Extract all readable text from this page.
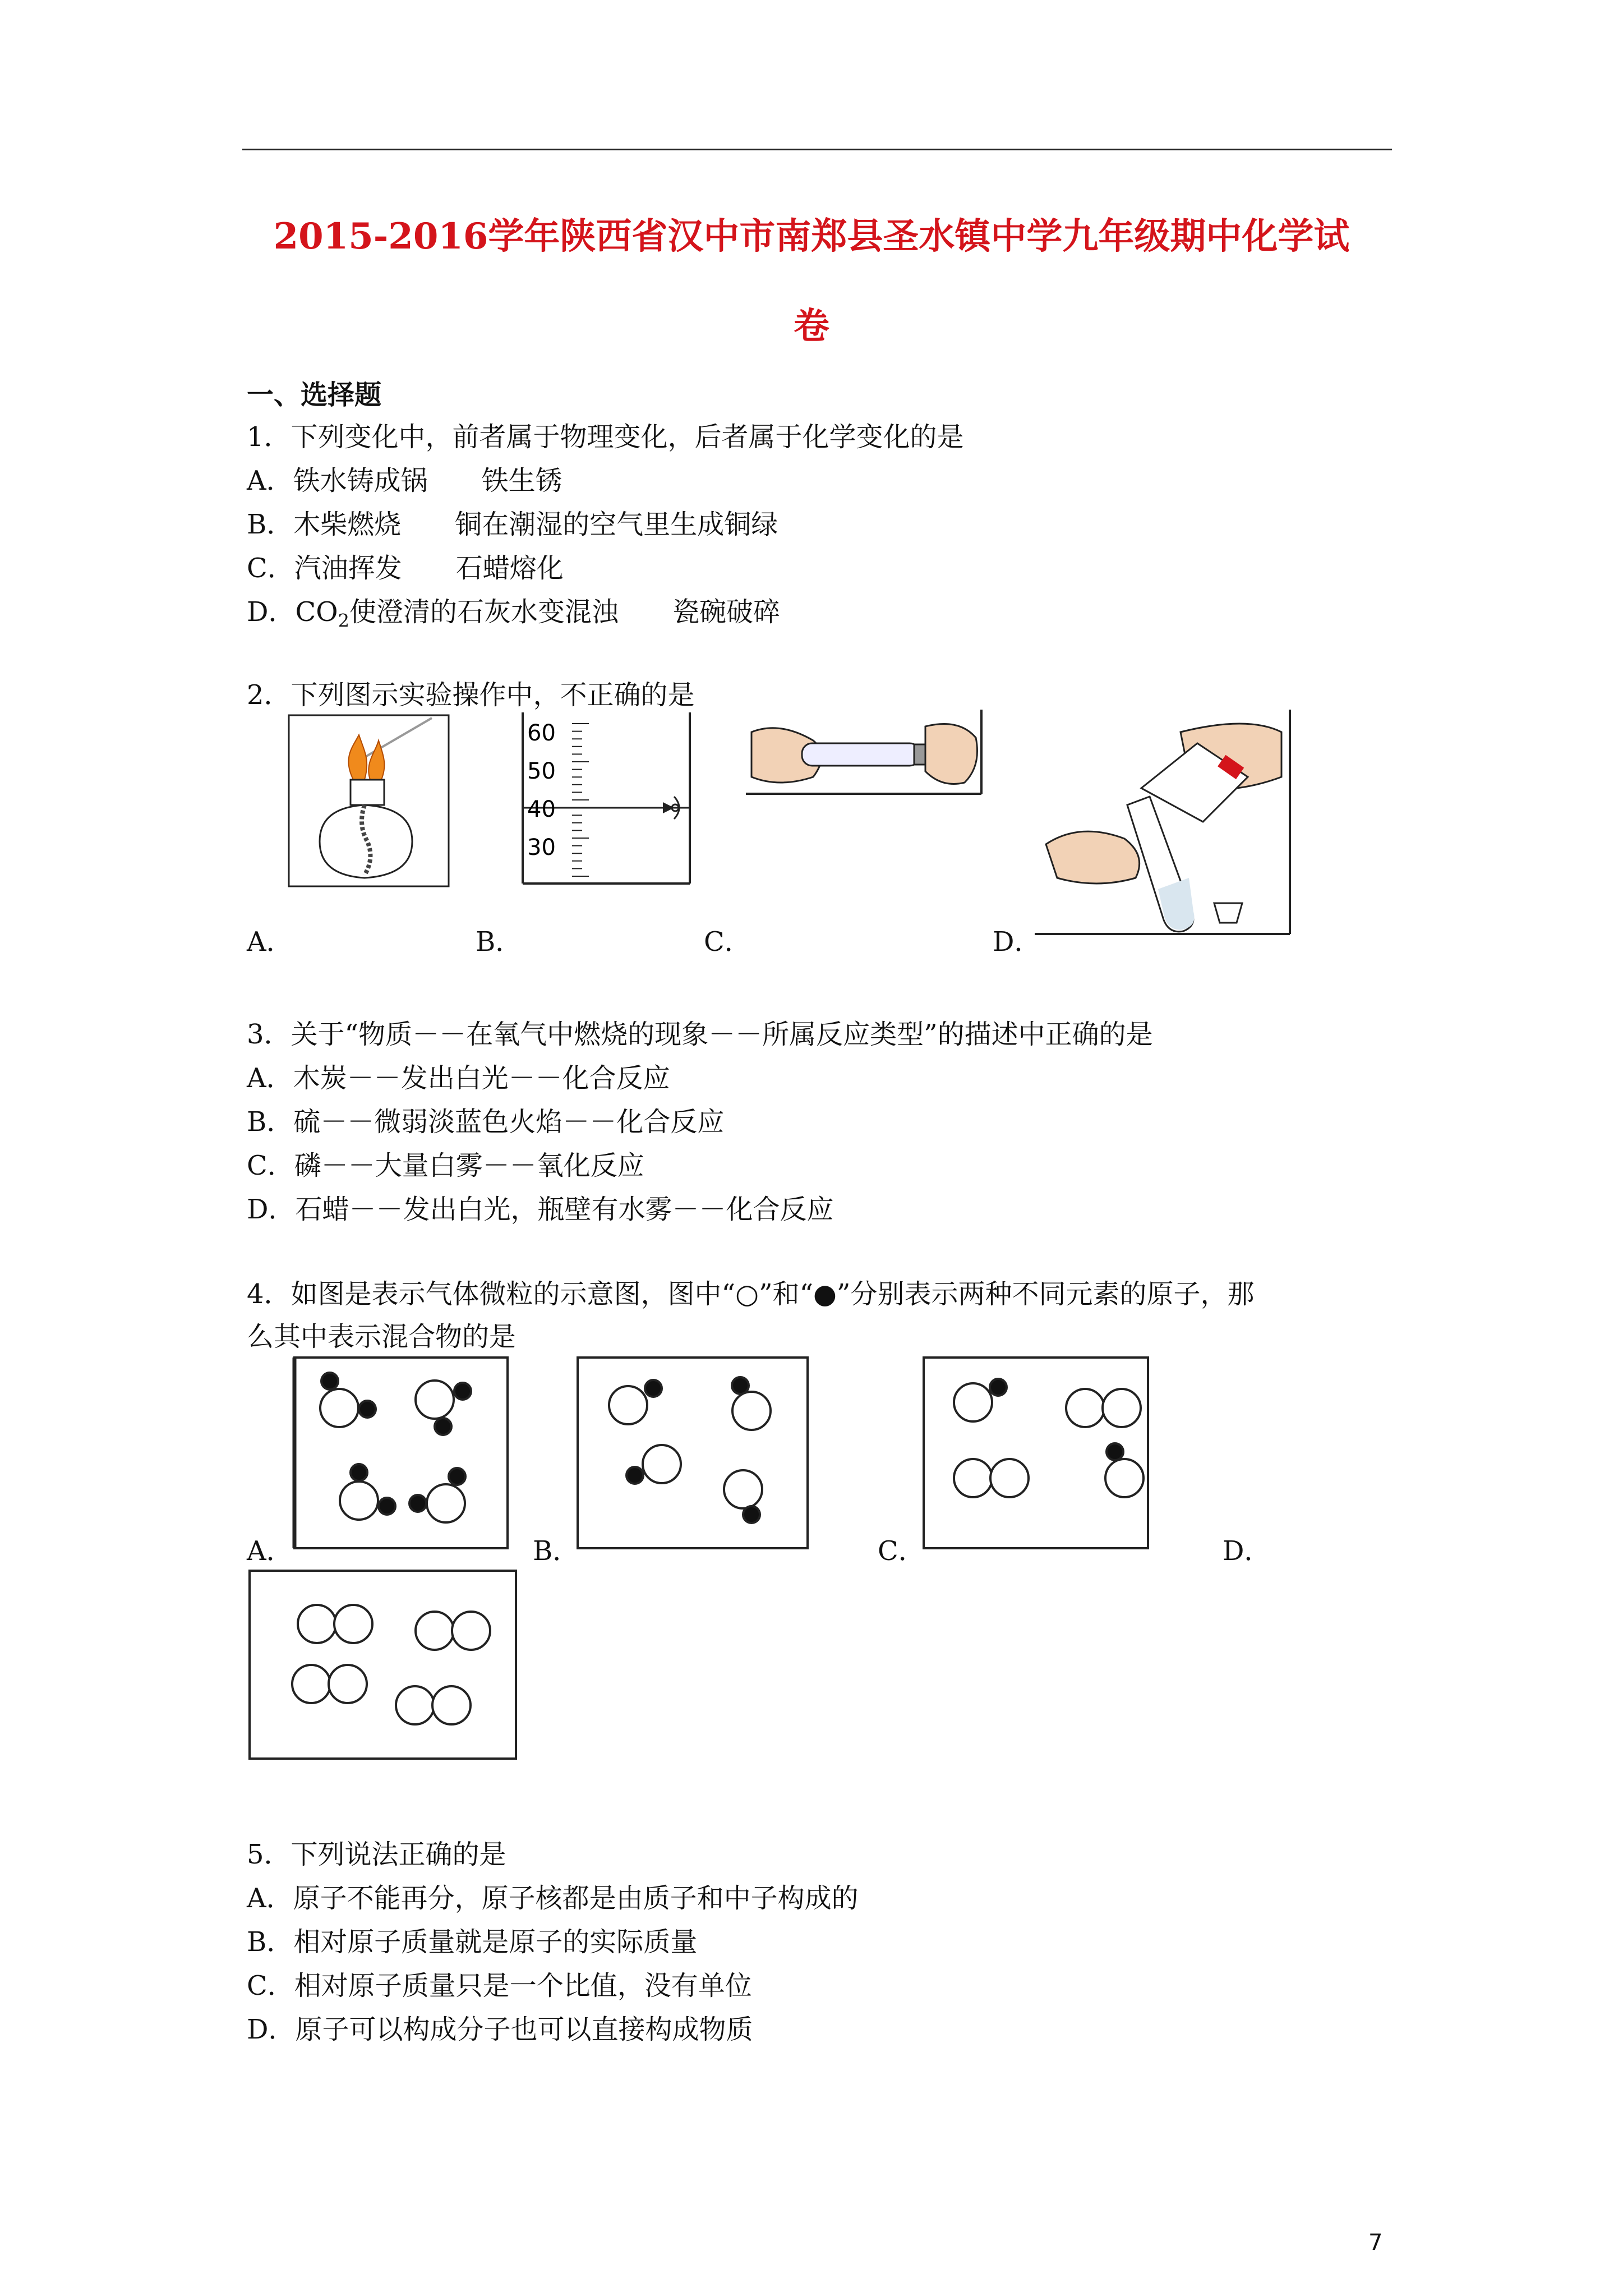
2015-2016学年陕西省汉中市南郑县圣水镇中学九年级期中化学试
卷
一、选择题
1．下列变化中，前者属于物理变化，后者属于化学变化的是
A．铁水铸成锅　　铁生锈
B．木柴燃烧　　铜在潮湿的空气里生成铜绿
C．汽油挥发　　石蜡熔化
D．$CO_2$使澄清的石灰水变混浊　　瓷碗破碎
2．下列图示实验操作中，不正确的是
60
50
40
30
A．	B．	C．	D．
3．关于“物质－－在氧气中燃烧的现象－－所属反应类型”的描述中正确的是
A．木炭－－发出白光－－化合反应
B．硫－－微弱淡蓝色火焰－－化合反应
C．磷－－大量白雾－－氧化反应
D．石蜡－－发出白光，瓶壁有水雾－－化合反应
4．如图是表示气体微粒的示意图，图中“○”和“●”分别表示两种不同元素的原子，那
么其中表示混合物的是
A．	B．	C．	D．
5．下列说法正确的是
A．原子不能再分，原子核都是由质子和中子构成的
B．相对原子质量就是原子的实际质量
C．相对原子质量只是一个比值，没有单位
D．原子可以构成分子也可以直接构成物质
7
